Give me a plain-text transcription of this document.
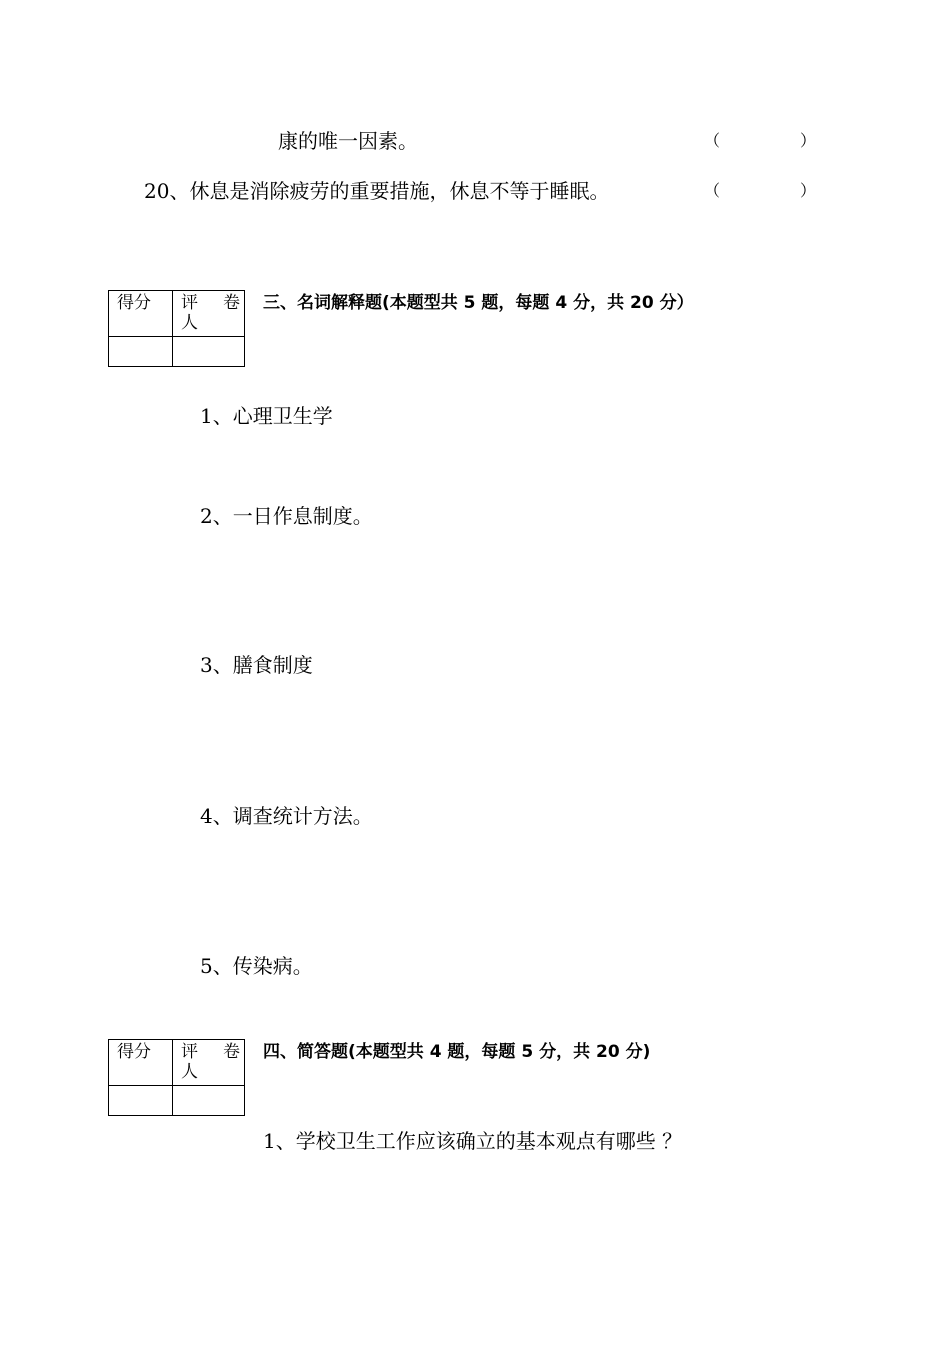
康的唯一因素。	（	）
20、休息是消除疲劳的重要措施，休息不等于睡眠。	（	）
得分	评 卷
人

三、名词解释题(本题型共 5 题，每题 4 分，共 20 分）
1、心理卫生学
2、一日作息制度。
3、膳食制度
4、调查统计方法。
5、传染病。
得分	评 卷
人

四、简答题(本题型共 4 题，每题 5 分，共 20 分)
1、学校卫生工作应该确立的基本观点有哪些 ？
